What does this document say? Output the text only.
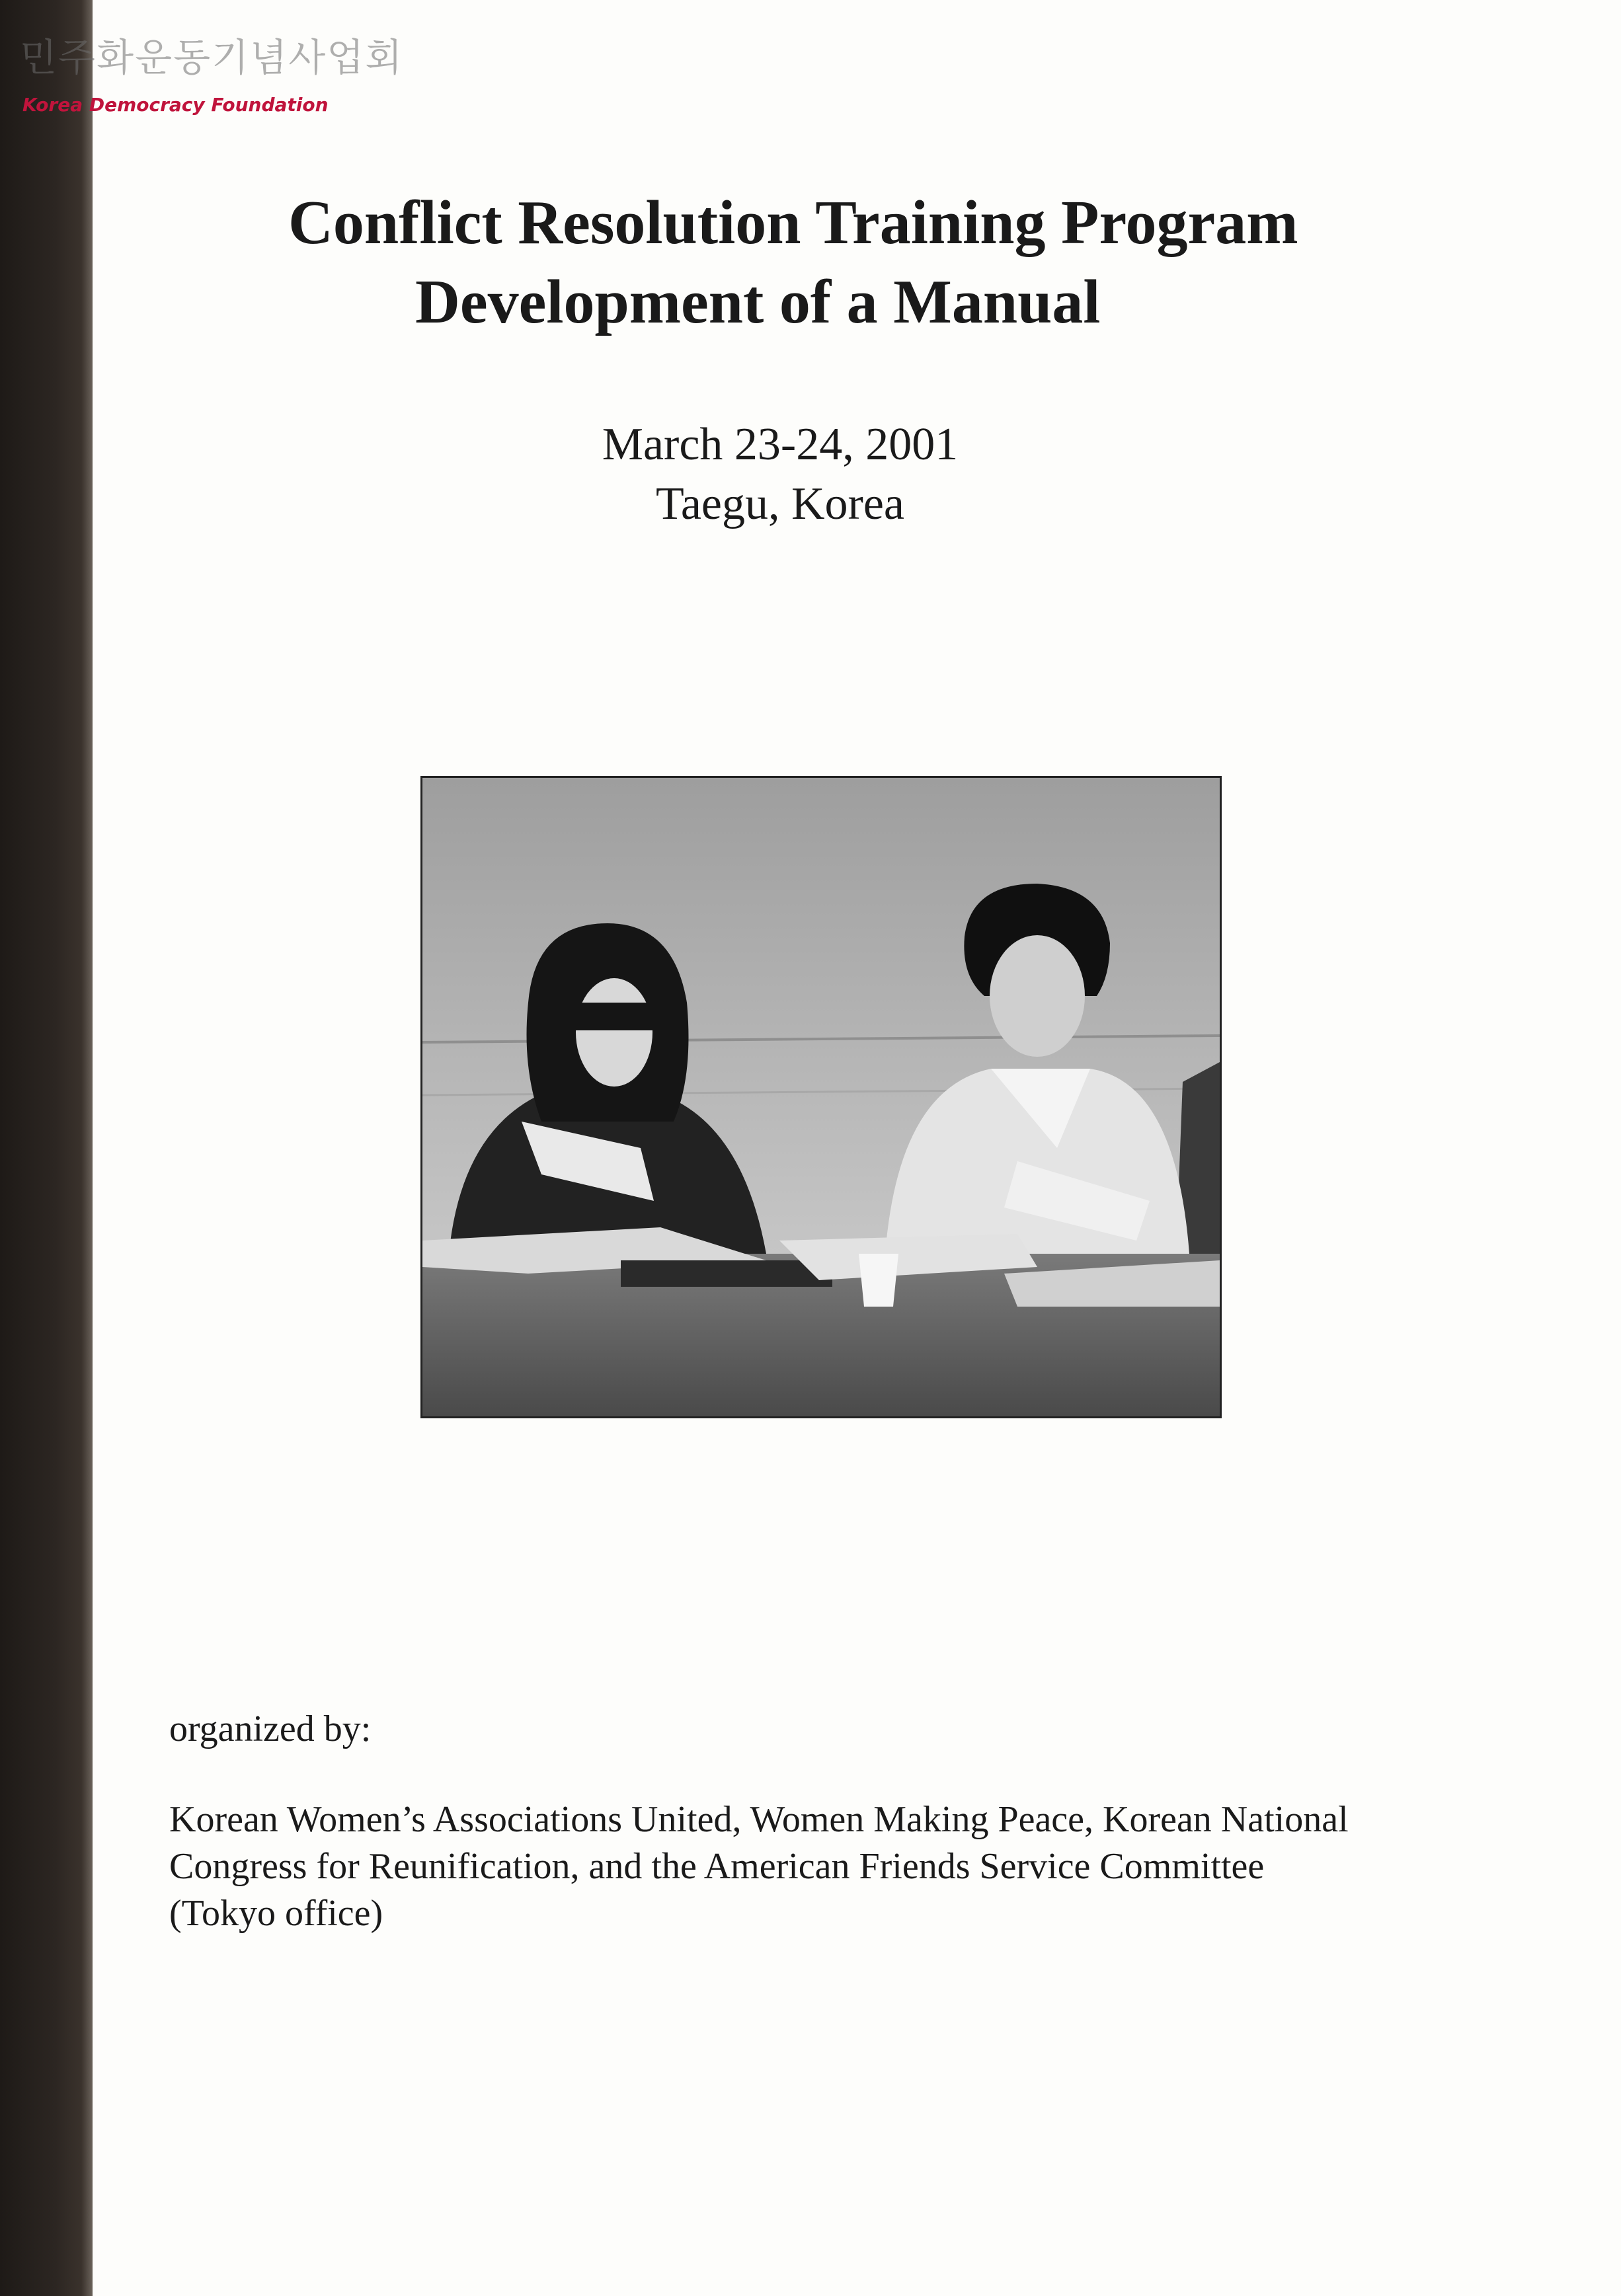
민주화운동기념사업회
Korea Democracy Foundation
Conflict Resolution Training Program
Development of a Manual
March 23-24, 2001
Taegu, Korea
organized by:
Korean Women’s Associations United, Women Making Peace, Korean National
Congress for Reunification, and the American Friends Service Committee
(Tokyo office)
